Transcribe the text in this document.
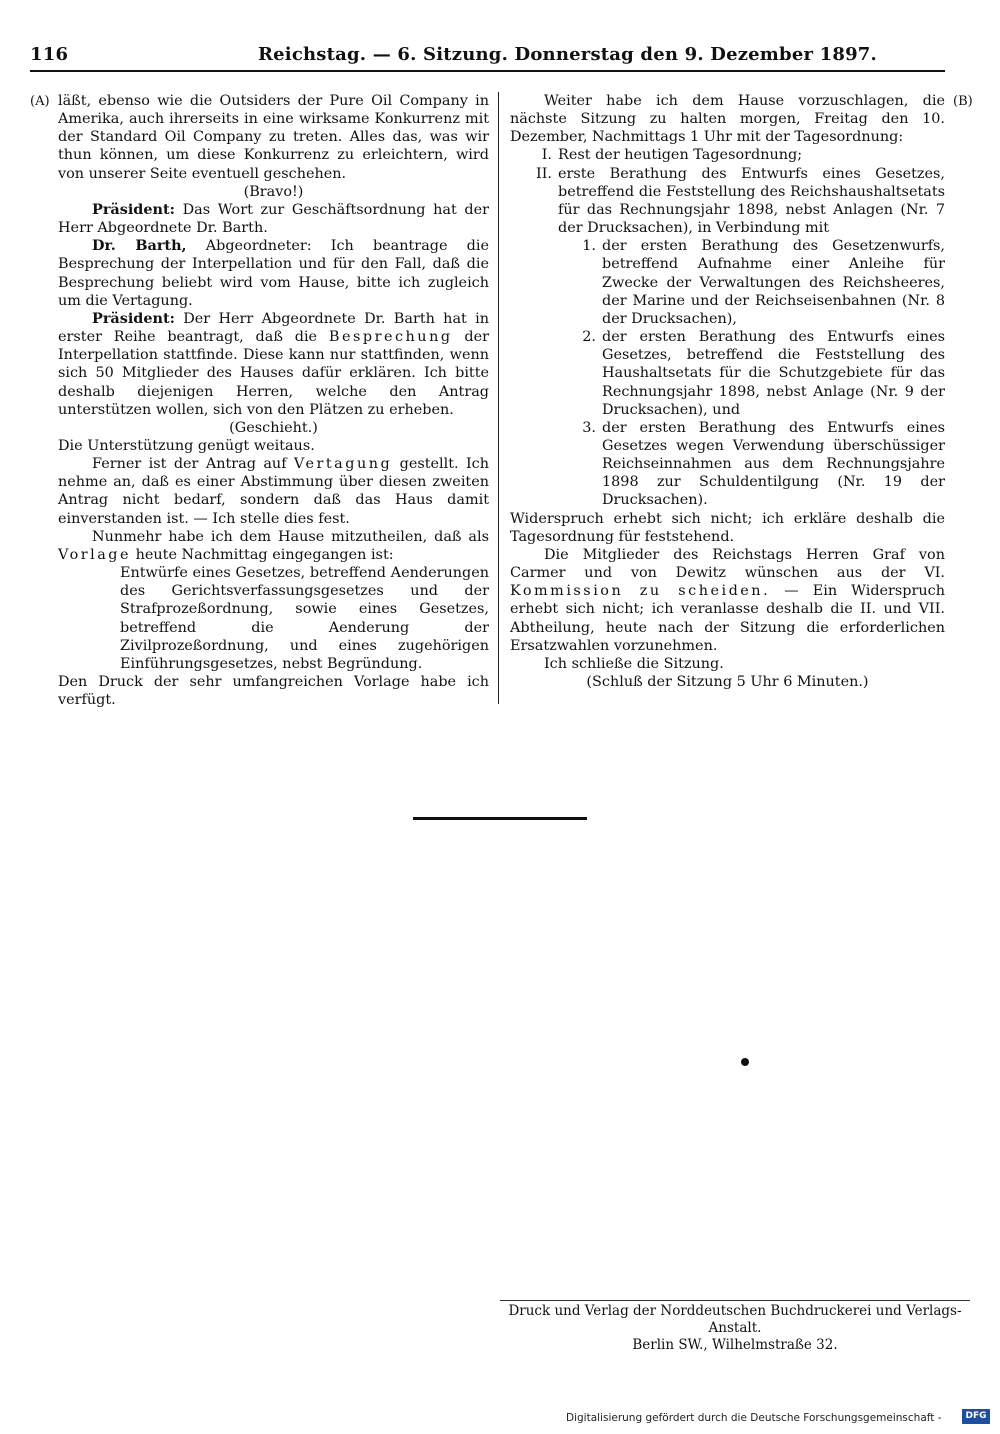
116	Reichstag. — 6. Sitzung. Donnerstag den 9. Dezember 1897.
(A)	(B)

läßt, ebenso wie die Outsiders der Pure Oil Company in Amerika, auch ihrerseits in eine wirksame Konkurrenz mit der Standard Oil Company zu treten. Alles das, was wir thun können, um diese Konkurrenz zu erleichtern, wird von unserer Seite eventuell geschehen.

(Bravo!)

Präsident: Das Wort zur Geschäftsordnung hat der Herr Abgeordnete Dr. Barth.

Dr. Barth, Abgeordneter: Ich beantrage die Besprechung der Interpellation und für den Fall, daß die Besprechung beliebt wird vom Hause, bitte ich zugleich um die Vertagung.

Präsident: Der Herr Abgeordnete Dr. Barth hat in erster Reihe beantragt, daß die Besprechung der Interpellation stattfinde. Diese kann nur stattfinden, wenn sich 50 Mitglieder des Hauses dafür erklären. Ich bitte deshalb diejenigen Herren, welche den Antrag unterstützen wollen, sich von den Plätzen zu erheben.

(Geschieht.)

Die Unterstützung genügt weitaus.

Ferner ist der Antrag auf Vertagung gestellt. Ich nehme an, daß es einer Abstimmung über diesen zweiten Antrag nicht bedarf, sondern daß das Haus damit einverstanden ist. — Ich stelle dies fest.

Nunmehr habe ich dem Hause mitzutheilen, daß als Vorlage heute Nachmittag eingegangen ist:

Entwürfe eines Gesetzes, betreffend Aenderungen des Gerichtsverfassungsgesetzes und der Strafprozeßordnung, sowie eines Gesetzes, betreffend die Aenderung der Zivilprozeßordnung, und eines zugehörigen Einführungsgesetzes, nebst Begründung.

Den Druck der sehr umfangreichen Vorlage habe ich verfügt.

Weiter habe ich dem Hause vorzuschlagen, die nächste Sitzung zu halten morgen, Freitag den 10. Dezember, Nachmittags 1 Uhr mit der Tagesordnung:

I. Rest der heutigen Tagesordnung;
II. erste Berathung des Entwurfs eines Gesetzes, betreffend die Feststellung des Reichshaushaltsetats für das Rechnungsjahr 1898, nebst Anlagen (Nr. 7 der Drucksachen), in Verbindung mit
1. der ersten Berathung des Gesetzenwurfs, betreffend Aufnahme einer Anleihe für Zwecke der Verwaltungen des Reichsheeres, der Marine und der Reichseisenbahnen (Nr. 8 der Drucksachen),
2. der ersten Berathung des Entwurfs eines Gesetzes, betreffend die Feststellung des Haushaltsetats für die Schutzgebiete für das Rechnungsjahr 1898, nebst Anlage (Nr. 9 der Drucksachen), und
3. der ersten Berathung des Entwurfs eines Gesetzes wegen Verwendung überschüssiger Reichseinnahmen aus dem Rechnungsjahre 1898 zur Schuldentilgung (Nr. 19 der Drucksachen).

Widerspruch erhebt sich nicht; ich erkläre deshalb die Tagesordnung für feststehend.

Die Mitglieder des Reichstags Herren Graf von Carmer und von Dewitz wünschen aus der VI. Kommission zu scheiden. — Ein Widerspruch erhebt sich nicht; ich veranlasse deshalb die II. und VII. Abtheilung, heute nach der Sitzung die erforderlichen Ersatzwahlen vorzunehmen.

Ich schließe die Sitzung.

(Schluß der Sitzung 5 Uhr 6 Minuten.)

Druck und Verlag der Norddeutschen Buchdruckerei und Verlags-Anstalt.
Berlin SW., Wilhelmstraße 32.
Digitalisierung gefördert durch die Deutsche Forschungsgemeinschaft -	DFG
